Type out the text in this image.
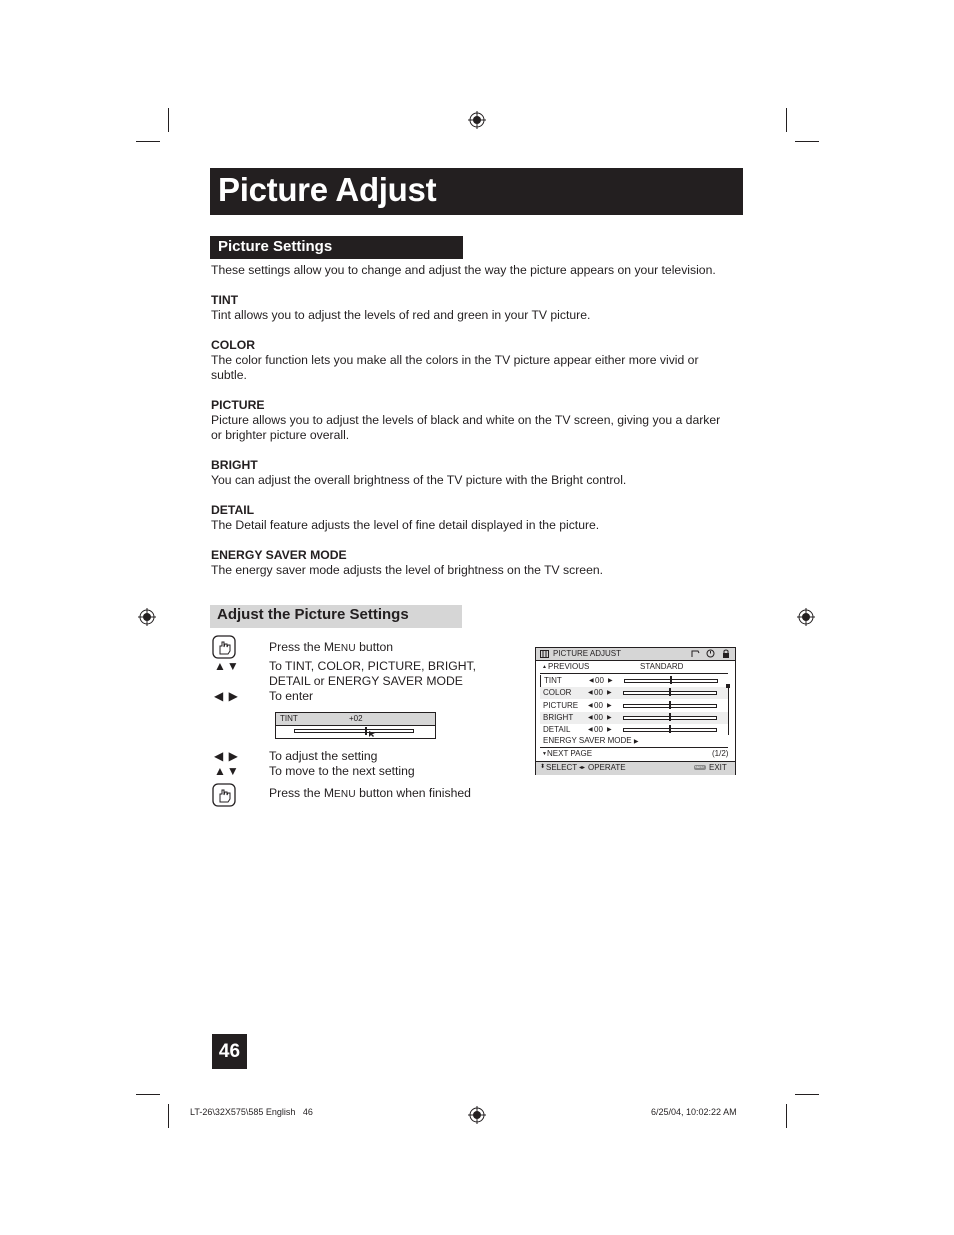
Picture Adjust
Picture Settings
These settings allow you to change and adjust the way the picture appears on your television.
TINT
Tint allows you to adjust the levels of red and green in your TV picture.
COLOR
The color function lets you make all the colors in the TV picture appear either more vivid or
subtle.
PICTURE
Picture allows you to adjust the levels of black and white on the TV screen, giving you a darker
or brighter picture overall.
BRIGHT
You can adjust the overall brightness of the TV picture with the Bright control.
DETAIL
The Detail feature adjusts the level of fine detail displayed in the picture.
ENERGY SAVER MODE
The energy saver mode adjusts the level of brightness on the TV screen.
Adjust the Picture Settings
Press the MENU button
▲▼ To TINT, COLOR, PICTURE, BRIGHT,
DETAIL or ENERGY SAVER MODE
◀ ▶ To enter
TINT	+02
◀ ▶ To adjust the setting
▲▼ To move to the next setting
Press the MENU button when finished
PICTURE ADJUST
▲ PREVIOUS	STANDARD
TINT	◀ 00 ▶
COLOR	◀ 00 ▶
PICTURE ◀ 00 ▶
BRIGHT ◀ 00 ▶
DETAIL	◀ 00 ▶
ENERGY SAVER MODE ▶
▼ NEXT PAGE	(1/2)
⬍ SELECT ◂▸ OPERATE	MENU EXIT
46
LT-26\32X575\585 English   46	6/25/04, 10:02:22 AM
